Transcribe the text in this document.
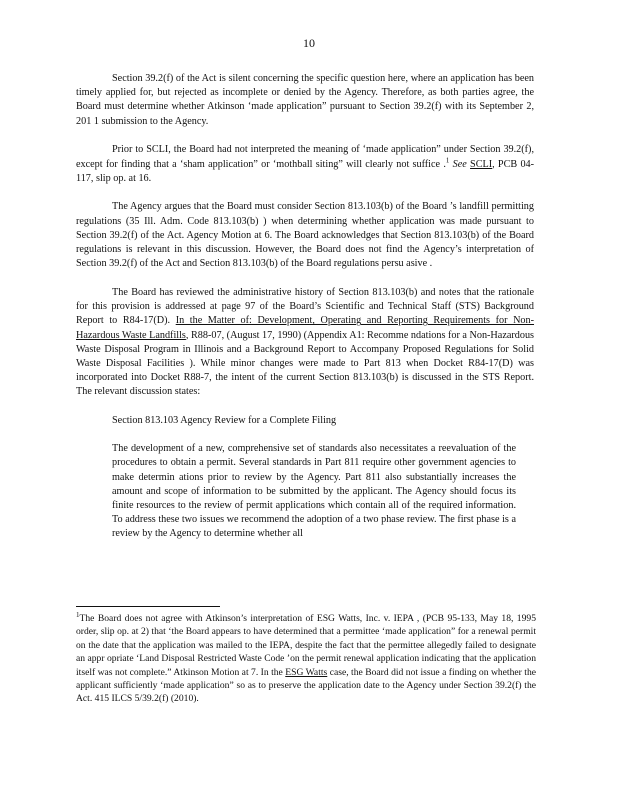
10

Section 39.2(f) of the Act is silent concerning the specific question here, where an application has been timely applied for, but rejected as incomplete or denied by the Agency. Therefore, as both parties agree, the Board must determine whether Atkinson ‘made application” pursuant to Section 39.2(f) with its September 2, 201 1 submission to the Agency.

Prior to SCLI, the Board had not interpreted the meaning of ‘made application” under Section 39.2(f), except for finding that a ‘sham application” or ‘mothball siting” will clearly not suffice .$^1$ See SCLI, PCB 04-117, slip op. at 16.

The Agency argues that the Board must consider Section 813.103(b) of the Board ’s landfill permitting regulations (35 Ill. Adm. Code 813.103(b) ) when determining whether application was made pursuant to Section 39.2(f) of the Act. Agency Motion at 6. The Board acknowledges that Section 813.103(b) of the Board regulations is relevant in this discussion. However, the Board does not find the Agency’s interpretation of Section 39.2(f) of the Act and Section 813.103(b) of the Board regulations persu asive .

The Board has reviewed the administrative history of Section 813.103(b) and notes that the rationale for this provision is addressed at page 97 of the Board’s Scientific and Technical Staff (STS) Background Report to R84-17(D). In the Matter of: Development, Operating and Reporting Requirements for Non-Hazardous Waste Landfills, R88-07, (August 17, 1990) (Appendix A1: Recomme ndations for a Non-Hazardous Waste Disposal Program in Illinois and a Background Report to Accompany Proposed Regulations for Solid Waste Disposal Facilities ). While minor changes were made to Part 813 when Docket R84-17(D) was incorporated into Docket R88-7, the intent of the current Section 813.103(b) is discussed in the STS Report. The relevant discussion states:

Section 813.103 Agency Review for a Complete Filing

The development of a new, comprehensive set of standards also necessitates a reevaluation of the procedures to obtain a permit. Several standards in Part 811 require other government agencies to make determin ations prior to review by the Agency. Part 811 also substantially increases the amount and scope of information to be submitted by the applicant. The Agency should focus its finite resources to the review of permit applications which contain all of the required information. To address these two issues we recommend the adoption of a two phase review. The first phase is a review by the Agency to determine whether all

$^1$The Board does not agree with Atkinson’s interpretation of ESG Watts, Inc. v. IEPA , (PCB 95-133, May 18, 1995 order, slip op. at 2) that ‘the Board appears to have determined that a permittee ‘made application” for a renewal permit on the date that the application was mailed to the IEPA, despite the fact that the permittee allegedly failed to designate an appr opriate ‘Land Disposal Restricted Waste Code ’on the permit renewal application indicating that the application itself was not complete.” Atkinson Motion at 7. In the ESG Watts case, the Board did not issue a finding on whether the applicant sufficiently ‘made application” so as to preserve the application date to the Agency under Section 39.2(f) the Act. 415 ILCS 5/39.2(f) (2010).
